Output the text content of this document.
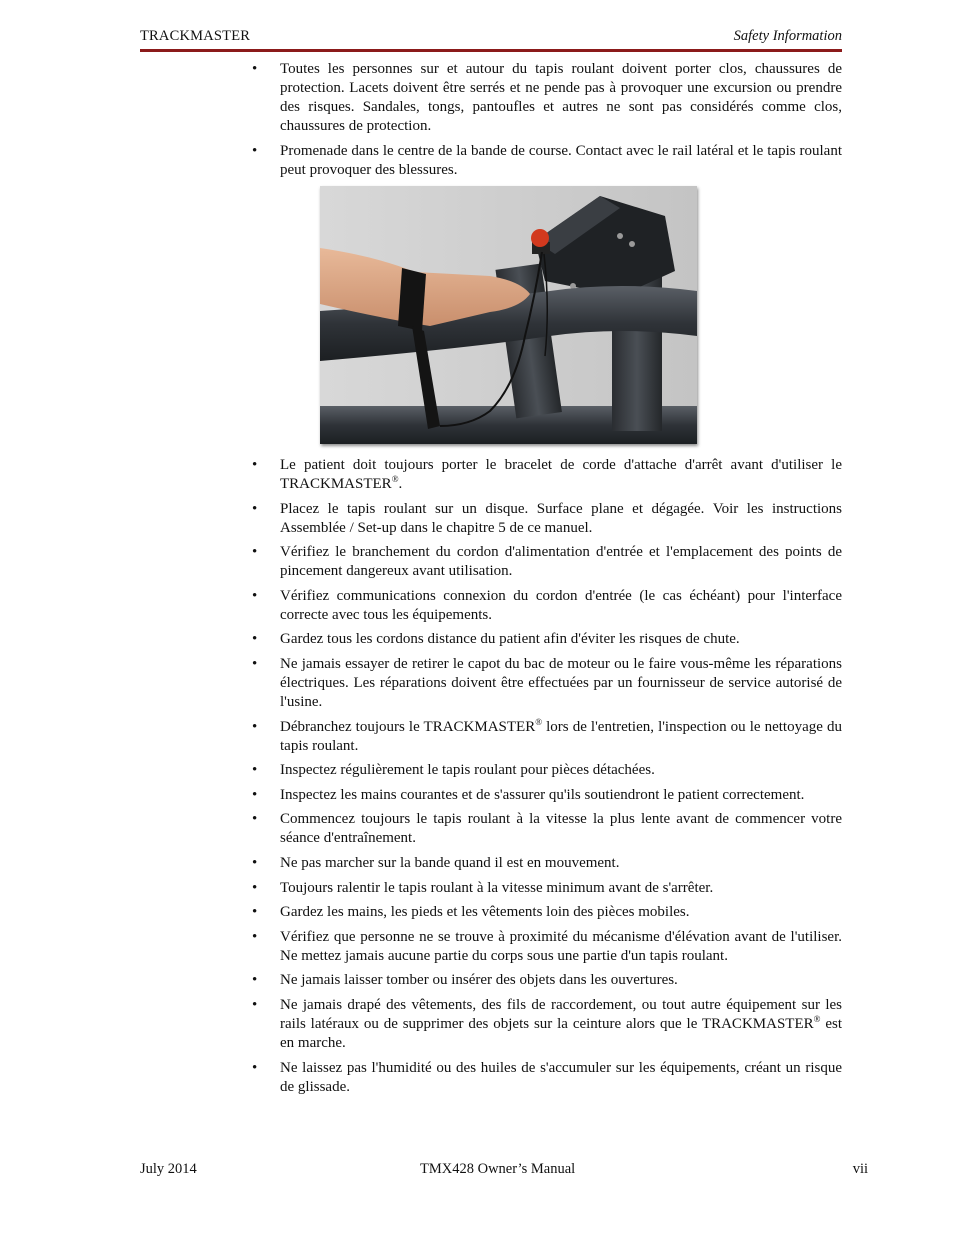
TRACKMASTER	Safety Information
• Toutes les personnes sur et autour du tapis roulant doivent porter clos, chaussures de protection. Lacets doivent être serrés et ne pende pas à provoquer une excursion ou prendre des risques. Sandales, tongs, pantoufles et autres ne sont pas considérés comme clos, chaussures de protection.
• Promenade dans le centre de la bande de course. Contact avec le rail latéral et le tapis roulant peut provoquer des blessures.
• Le patient doit toujours porter le bracelet de corde d'attache d'arrêt avant d'utiliser le TRACKMASTER®.
• Placez le tapis roulant sur un disque. Surface plane et dégagée. Voir les instructions Assemblée / Set-up dans le chapitre 5 de ce manuel.
• Vérifiez le branchement du cordon d'alimentation d'entrée et l'emplacement des points de pincement dangereux avant utilisation.
• Vérifiez communications connexion du cordon d'entrée (le cas échéant) pour l'interface correcte avec tous les équipements.
• Gardez tous les cordons distance du patient afin d'éviter les risques de chute.
• Ne jamais essayer de retirer le capot du bac de moteur ou le faire vous-même les réparations électriques. Les réparations doivent être effectuées par un fournisseur de service autorisé de l'usine.
• Débranchez toujours le TRACKMASTER® lors de l'entretien, l'inspection ou le nettoyage du tapis roulant.
• Inspectez régulièrement le tapis roulant pour pièces détachées.
• Inspectez les mains courantes et de s'assurer qu'ils soutiendront le patient correctement.
• Commencez toujours le tapis roulant à la vitesse la plus lente avant de commencer votre séance d'entraînement.
• Ne pas marcher sur la bande quand il est en mouvement.
• Toujours ralentir le tapis roulant à la vitesse minimum avant de s'arrêter.
• Gardez les mains, les pieds et les vêtements loin des pièces mobiles.
• Vérifiez que personne ne se trouve à proximité du mécanisme d'élévation avant de l'utiliser. Ne mettez jamais aucune partie du corps sous une partie d'un tapis roulant.
• Ne jamais laisser tomber ou insérer des objets dans les ouvertures.
• Ne jamais drapé des vêtements, des fils de raccordement, ou tout autre équipement sur les rails latéraux ou de supprimer des objets sur la ceinture alors que le TRACKMASTER® est en marche.
• Ne laissez pas l'humidité ou des huiles de s'accumuler sur les équipements, créant un risque de glissade.
July 2014	TMX428 Owner’s Manual	vii
